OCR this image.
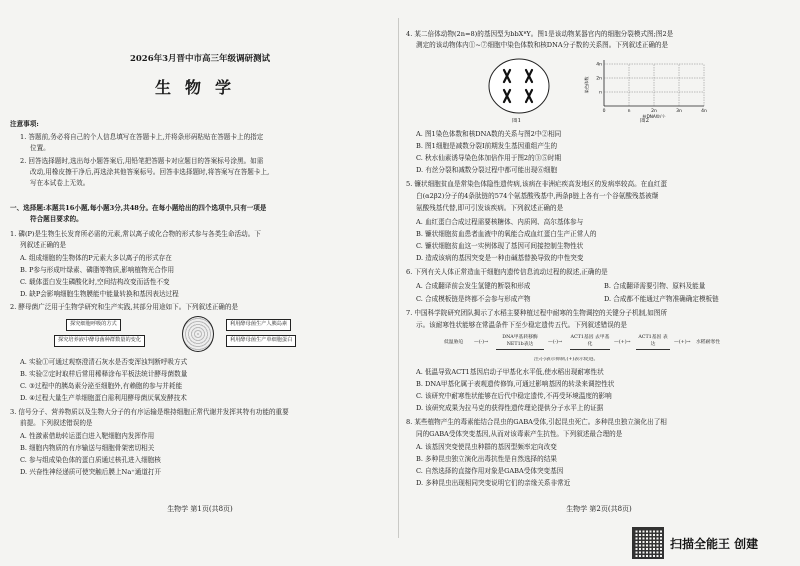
2026年3月晋中市高三年级调研测试
生物学
注意事项:
1. 答题前,务必将自己的个人信息填写在答题卡上,并将条形码粘贴在答题卡上的指定
位置。
2. 回答选择题时,选出每小题答案后,用铅笔把答题卡对应题目的答案标号涂黑。如需
改动,用橡皮擦干净后,再选涂其他答案标号。回答非选择题时,将答案写在答题卡上,
写在本试卷上无效。
一、选择题:本题共16小题,每小题3分,共48分。在每小题给出的四个选项中,只有一项是
符合题目要求的。
1. 磷(P)是生物生长发育所必需的元素,常以离子或化合物的形式参与各类生命活动。下
列叙述正确的是
A. 组成细胞的生物体的P元素大多以离子的形式存在
B. P参与形成叶绿素、磷脂等物质,影响植物光合作用
C. 载体蛋白发生磷酸化时,空间结构改变而活性不变
D. 缺P会影响细胞生物膜能中能量转换和基因表达过程
2. 酵母菌广泛用于生物学研究和生产实践,其部分用途如下。下列叙述正确的是
探究细胞呼吸的方式
探究培养液中酵母菌种群数量的变化
利用酵母菌生产人胰岛素
利用酵母菌生产单细胞蛋白
A. 实验①可通过观察澄清石灰水是否变浑浊判断呼吸方式
B. 实验②定时取样后常用稀释涂布平板法统计酵母菌数量
C. ③过程中的胰岛素分泌至细胞外,有赖胞的参与并耗能
D. ④过程大量生产单细胞蛋白需利用酵母菌厌氧发酵技术
3. 信号分子、营养物质以及生物大分子的有序运输是维持细胞正常代谢并发挥其特有功能的重要
前提。下列叙述错误的是
A. 性激素借助转运蛋白进入靶细胞内发挥作用
B. 细胞内物质的有序输送与细胞骨架密切相关
C. 参与组成染色体的蛋白质通过核孔进入细胞核
D. 兴奋性神经递质可使突触后膜上Na⁺通道打开
生物学 第1页(共8页)
4. 某二倍体动物(2n=8)的基因型为bbXᴮY。图1是该动物某器官内的细胞分裂模式图;图2是
测定的该动物体内①~⑦细胞中染色体数和核DNA分子数的关系图。下列叙述正确的是
图1
0	n	2n	3n	4n
4n
2n
n
染色体数
核DNA数/个
图2
A. 图1染色体数和核DNA数的关系与图2中②相同
B. 图1细胞是减数分裂I前期发生基因重组产生的
C. 秋水仙素诱导染色体加倍作用于图2的③⑤时期
D. 有丝分裂和减数分裂过程中都可能出现⑥细胞
5. 镰状细胞贫血是常染色体隐性遗传病,该病在非洲疟疾高发地区的发病率较高。在血红蛋
白(α2β2)分子的4条肽链的574个氨基酸残基中,两条β链上各有一个谷氨酸残基被缬
氨酸残基代替,即可引发该疾病。下列叙述正确的是
A. 血红蛋白合成过程需要核糖体、内质网、高尔基体参与
B. 镰状细胞贫血患者血液中的氧能合成血红蛋白生产正常人的
C. 镰状细胞贫血这一实例体现了基因可间接控制生物性状
D. 造成该病的基因突变是一种由碱基替换导致的中性突变
6. 下列有关人体正常造血干细胞内遗传信息流动过程的叙述,正确的是
A. 合成翻译前会发生氢键的断裂和形成	B. 合成翻译需要引物、原料及能量
C. 合成模板链是终都不会参与形成产物	D. 合成都不能通过产物准确确定模板链
7. 中国科学院研究团队揭示了水稻主要种植过程中耐寒的生物调控的关键分子机制,如图所
示。该耐寒性状能够在常温条件下至少稳定遗传五代。下列叙述错误的是
低温胁迫 —(-)→
DNA甲基转移酶 NET1b表达	—(-)→
ACT1基因 去甲基化	—(+)→
ACT1基因 表达	—(+)→ 水稻耐寒性
注:(-)表示抑制,(+)表示促进。
A. 低温导致ACT1基因启动子甲基化水平低,使水稻出现耐寒性状
B. DNA甲基化属于表观遗传修饰,可通过影响基因的转录来调控性状
C. 该研究中耐寒性状能够在后代中稳定遗传,不再受环境温度的影响
D. 该研究成果为拉马克的获得性遗传理论提供分子水平上的证据
8. 某些植物产生的毒素能结合昆虫的GABA受体,引起昆虫死亡。多种昆虫独立演化出了相
同的GABA受体突变基因,从而对该毒素产生抗性。下列叙述最合理的是
A. 该基因突变使昆虫种群的基因型频率定向改变
B. 多种昆虫独立演化出毒抗性是自然选择的结果
C. 自然选择的直接作用对象是GABA受体突变基因
D. 多种昆虫出现相同突变说明它们的亲缘关系非常近
生物学 第2页(共8页)
扫描全能王 创建
